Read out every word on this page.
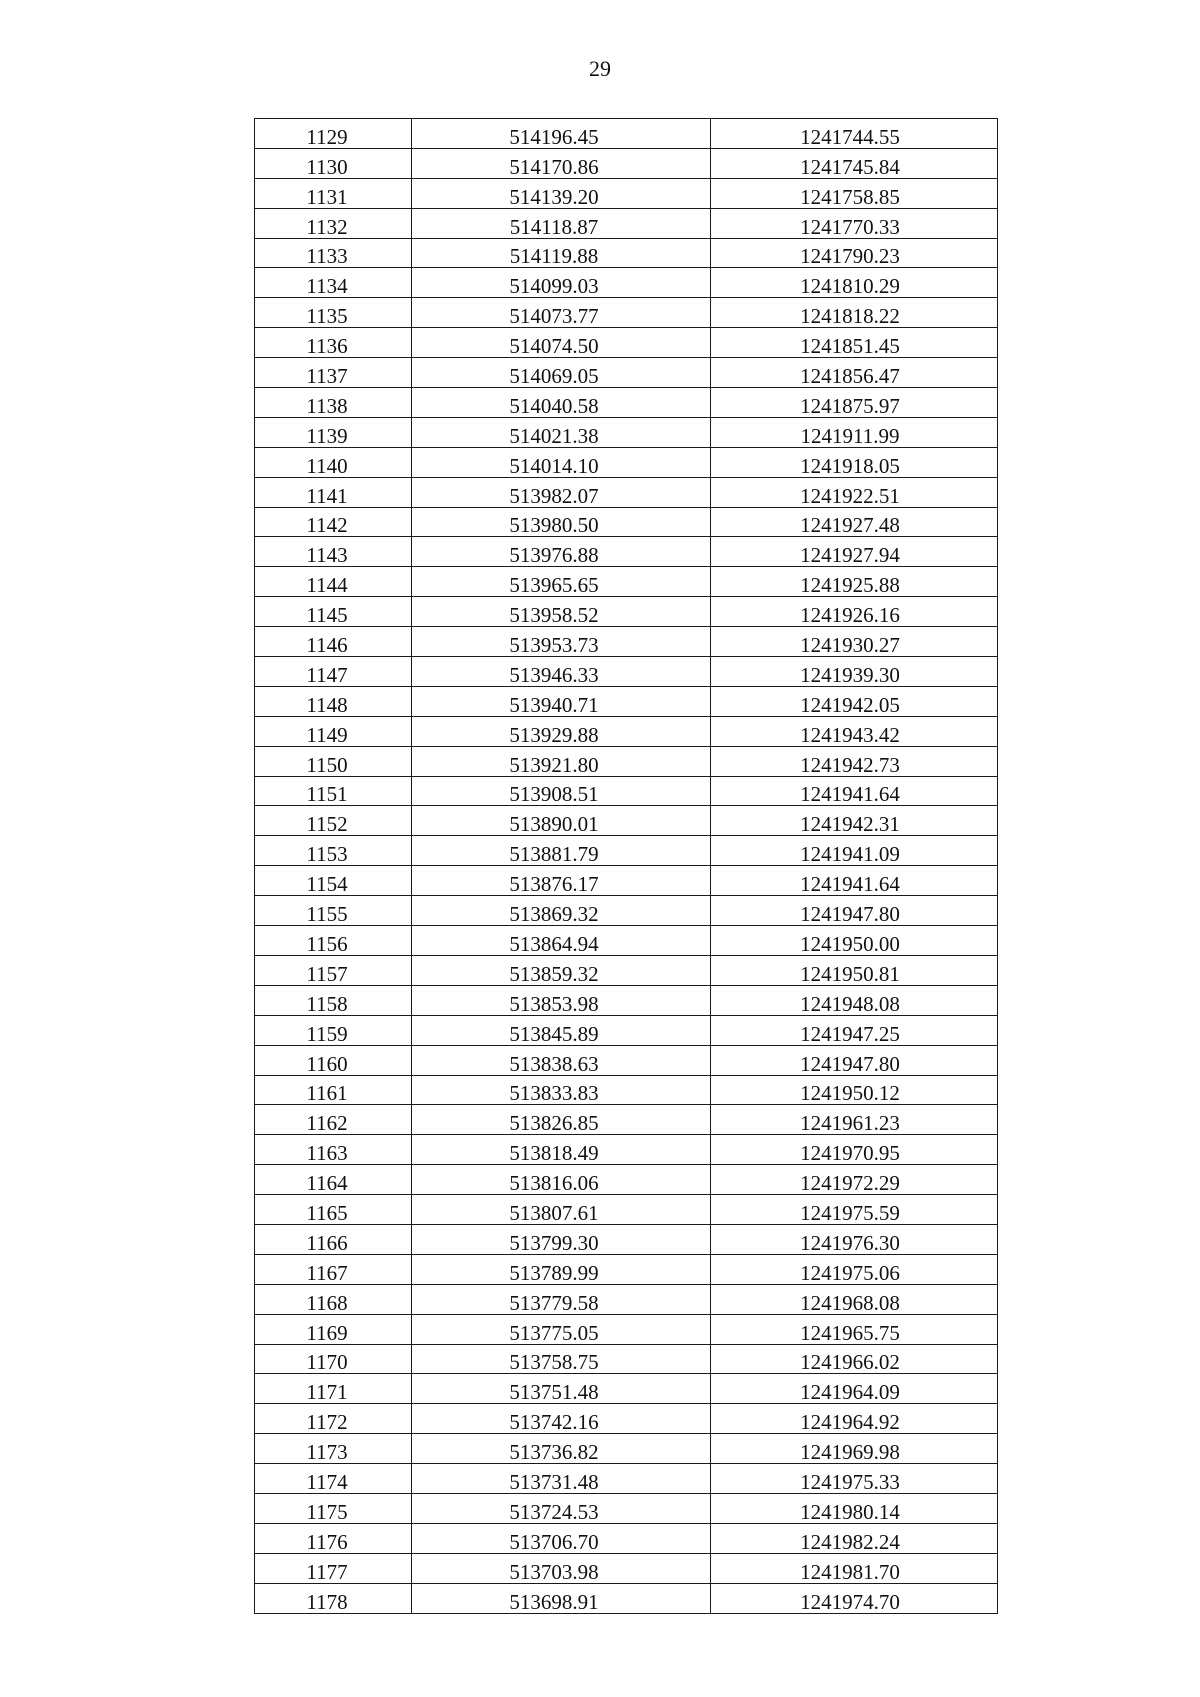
29
1129	514196.45	1241744.55
1130	514170.86	1241745.84
1131	514139.20	1241758.85
1132	514118.87	1241770.33
1133	514119.88	1241790.23
1134	514099.03	1241810.29
1135	514073.77	1241818.22
1136	514074.50	1241851.45
1137	514069.05	1241856.47
1138	514040.58	1241875.97
1139	514021.38	1241911.99
1140	514014.10	1241918.05
1141	513982.07	1241922.51
1142	513980.50	1241927.48
1143	513976.88	1241927.94
1144	513965.65	1241925.88
1145	513958.52	1241926.16
1146	513953.73	1241930.27
1147	513946.33	1241939.30
1148	513940.71	1241942.05
1149	513929.88	1241943.42
1150	513921.80	1241942.73
1151	513908.51	1241941.64
1152	513890.01	1241942.31
1153	513881.79	1241941.09
1154	513876.17	1241941.64
1155	513869.32	1241947.80
1156	513864.94	1241950.00
1157	513859.32	1241950.81
1158	513853.98	1241948.08
1159	513845.89	1241947.25
1160	513838.63	1241947.80
1161	513833.83	1241950.12
1162	513826.85	1241961.23
1163	513818.49	1241970.95
1164	513816.06	1241972.29
1165	513807.61	1241975.59
1166	513799.30	1241976.30
1167	513789.99	1241975.06
1168	513779.58	1241968.08
1169	513775.05	1241965.75
1170	513758.75	1241966.02
1171	513751.48	1241964.09
1172	513742.16	1241964.92
1173	513736.82	1241969.98
1174	513731.48	1241975.33
1175	513724.53	1241980.14
1176	513706.70	1241982.24
1177	513703.98	1241981.70
1178	513698.91	1241974.70
